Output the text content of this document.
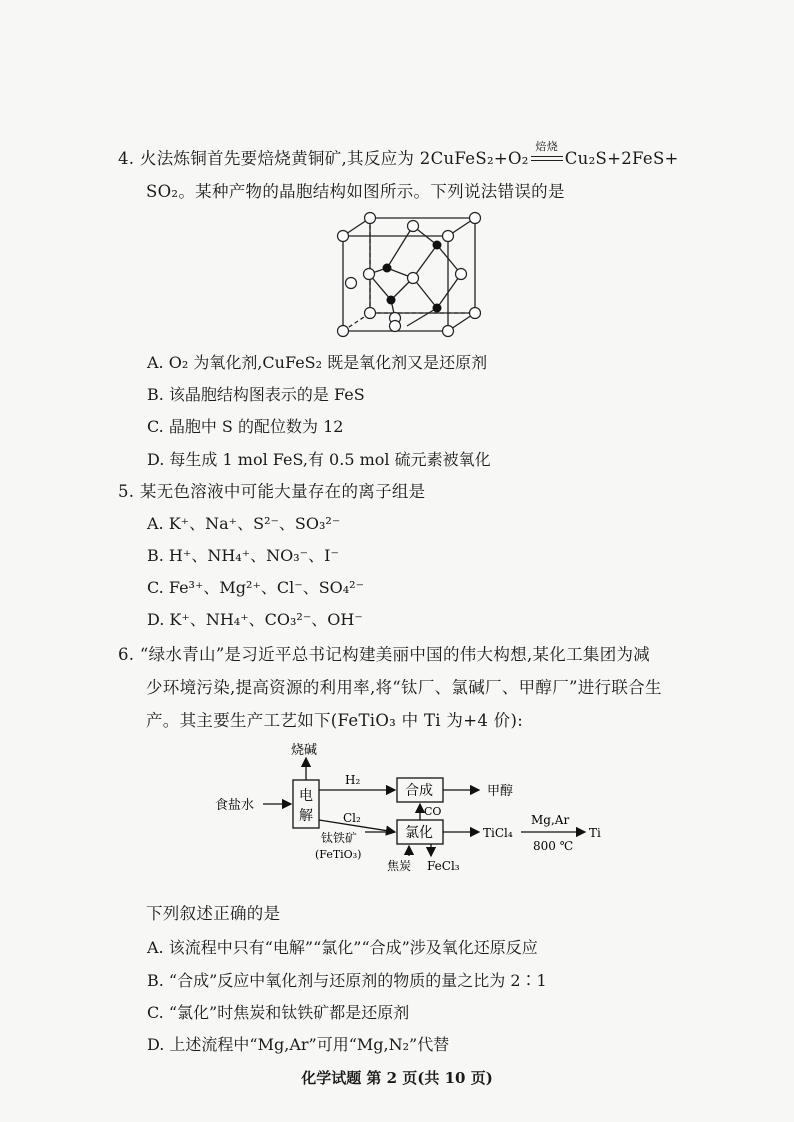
4. 火法炼铜首先要焙烧黄铜矿,其反应为 2CuFeS₂+O₂
焙烧
Cu₂S+2FeS+
SO₂。某种产物的晶胞结构如图所示。下列说法错误的是
A. O₂ 为氧化剂,CuFeS₂ 既是氧化剂又是还原剂
B. 该晶胞结构图表示的是 FeS
C. 晶胞中 S 的配位数为 12
D. 每生成 1 mol FeS,有 0.5 mol 硫元素被氧化
5. 某无色溶液中可能大量存在的离子组是
A. K⁺、Na⁺、S²⁻、SO₃²⁻
B. H⁺、NH₄⁺、NO₃⁻、I⁻
C. Fe³⁺、Mg²⁺、Cl⁻、SO₄²⁻
D. K⁺、NH₄⁺、CO₃²⁻、OH⁻
6. “绿水青山”是习近平总书记构建美丽中国的伟大构想,某化工集团为减
少环境污染,提高资源的利用率,将“钛厂、氯碱厂、甲醇厂”进行联合生
产。其主要生产工艺如下(FeTiO₃ 中 Ti 为+4 价):
烧碱
食盐水
电
解
H₂
Cl₂
合成	甲醇
CO
氯化
钛铁矿
(FeTiO₃)
焦炭 FeCl₃
TiCl₄
Mg,Ar
800 ℃
Ti
下列叙述正确的是
A. 该流程中只有“电解”“氯化”“合成”涉及氧化还原反应
B. “合成”反应中氧化剂与还原剂的物质的量之比为 2∶1
C. “氯化”时焦炭和钛铁矿都是还原剂
D. 上述流程中“Mg,Ar”可用“Mg,N₂”代替
化学试题 第 2 页(共 10 页)
